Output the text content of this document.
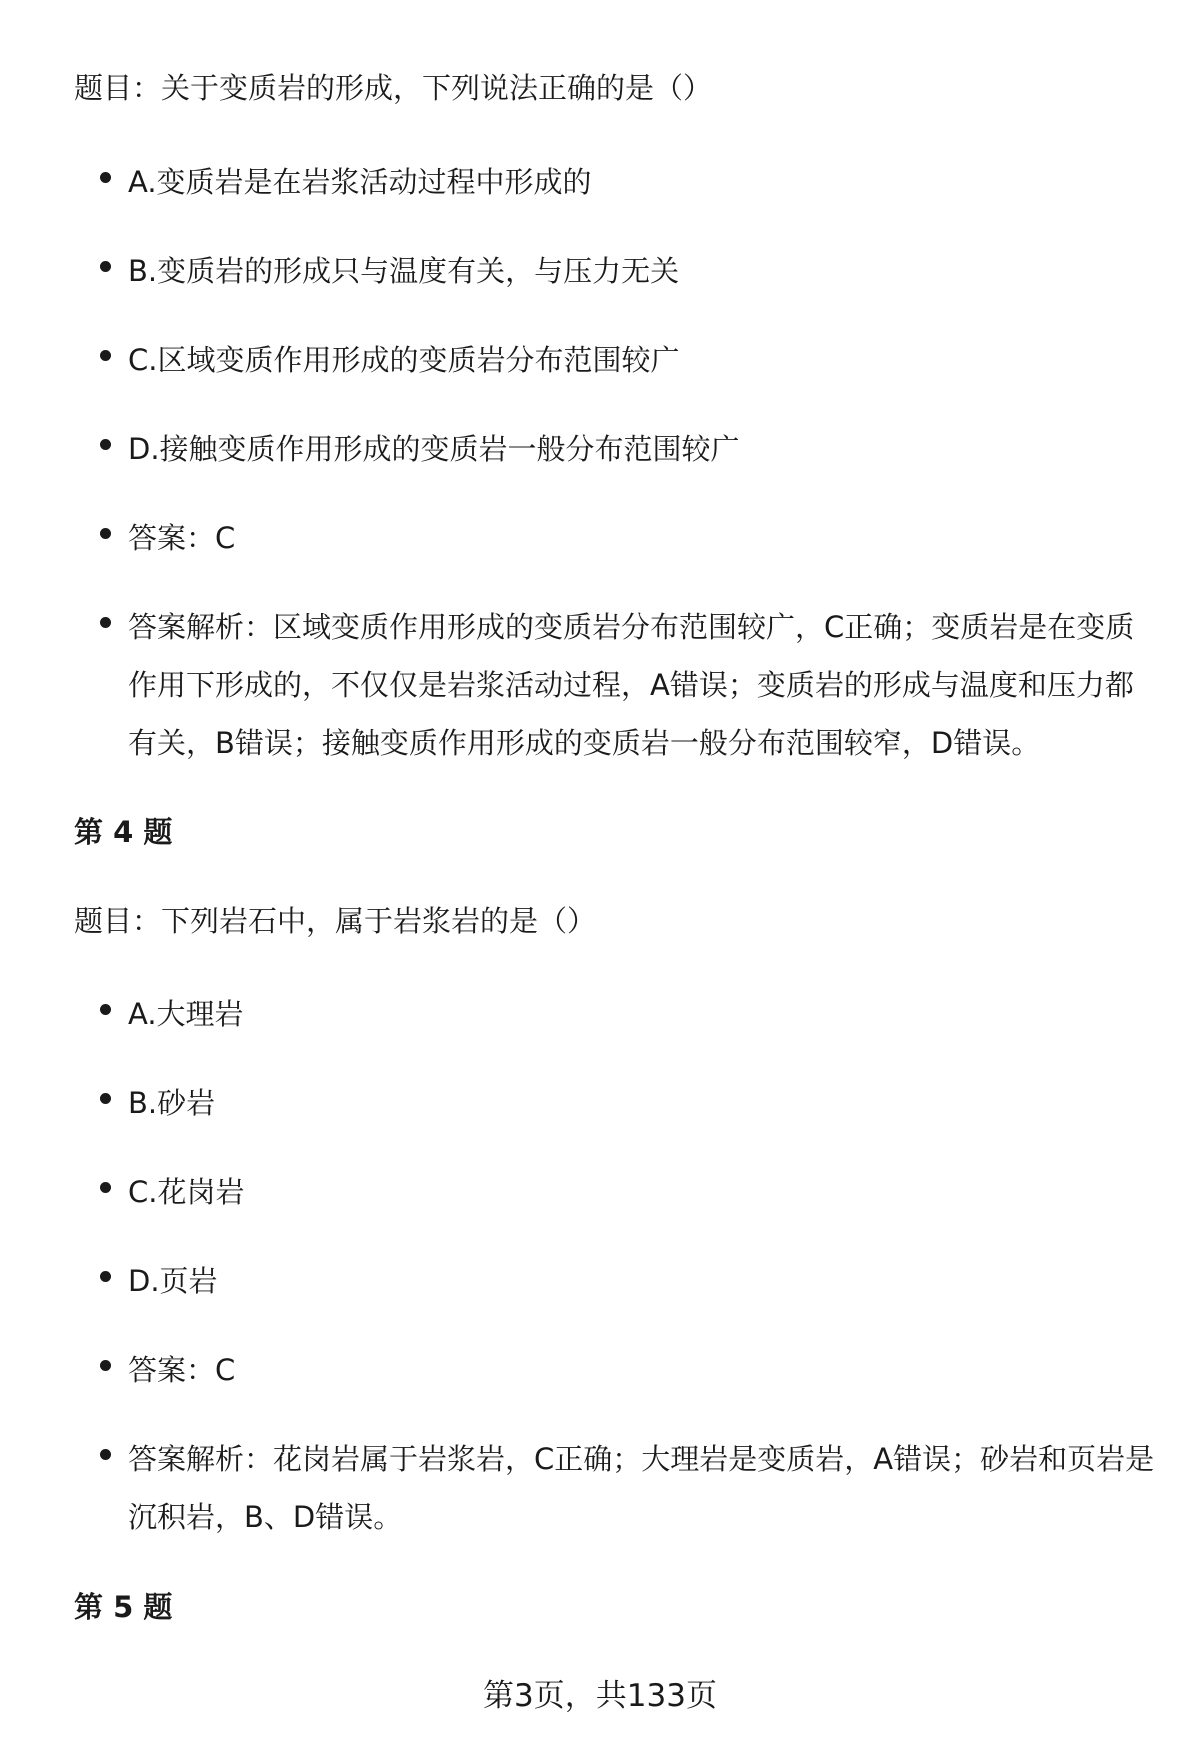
题目：关于变质岩的形成，下列说法正确的是（）
A.变质岩是在岩浆活动过程中形成的
B.变质岩的形成只与温度有关，与压力无关
C.区域变质作用形成的变质岩分布范围较广
D.接触变质作用形成的变质岩一般分布范围较广
答案：C
答案解析：区域变质作用形成的变质岩分布范围较广，C正确；变质岩是在变质作用下形成的，不仅仅是岩浆活动过程，A错误；变质岩的形成与温度和压力都有关，B错误；接触变质作用形成的变质岩一般分布范围较窄，D错误。
第 4 题
题目：下列岩石中，属于岩浆岩的是（）
A.大理岩
B.砂岩
C.花岗岩
D.页岩
答案：C
答案解析：花岗岩属于岩浆岩，C正确；大理岩是变质岩，A错误；砂岩和页岩是沉积岩，B、D错误。
第 5 题
第3页，共133页
